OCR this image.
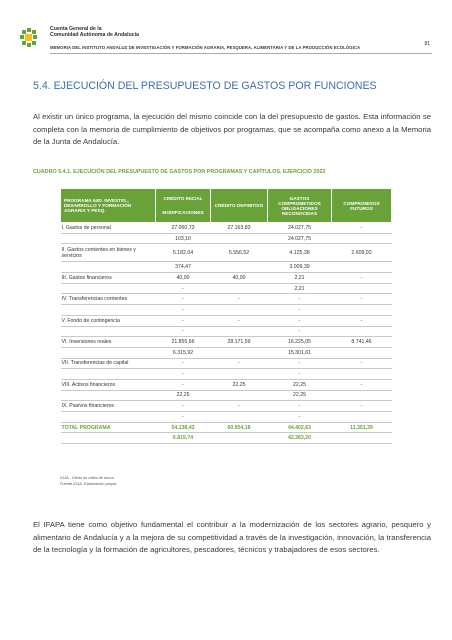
Cuenta General de la
Comunidad Autónoma de Andalucía
MEMORIA DEL INSTITUTO ANDALUZ DE INVESTIGACIÓN Y FORMACIÓN AGRARIA, PESQUERA, ALIMENTARIA Y DE LA PRODUCCIÓN ECOLÓGICA
81
5.4. EJECUCIÓN DEL PRESUPUESTO DE GASTOS POR FUNCIONES

Al existir un único programa, la ejecución del mismo coincide con la del presupuesto de gastos. Esta información se completa con la memoria de cumplimiento de objetivos por programas, que se acompaña como anexo a la Memoria de la Junta de Andalucía.

CUADRO 5.4.1. EJECUCIÓN DEL PRESUPUESTO DE GASTOS POR PROGRAMAS Y CAPÍTULOS. EJERCICIO 2022
PROGRAMA 54D. INVESTIG., DESARROLLO Y FORMACIÓN AGRARIA Y PESQ.	CRÉDITO INICIAL
MODIFICACIONES	CRÉDITO DEFINITIVO	GASTOS COMPROMETIDOS OBLIGACIONES RECONOCIDAS	COMPROMISOS FUTUROS
I. Gastos de personal	27.060,73	27.163,83	24.027,75	-
	103,10		24.027,75	
II. Gastos corrientes en bienes y servicios	5.182,04	5.556,52	4.125,38	2.609,92
	374,47		3.009,39	
III. Gastos financieros	40,00	40,00	2,21	-
	-		2,21	
IV. Transferencias corrientes	-	-	-	-
	-		-	
V. Fondo de contingencia	-	-	-	-
	-		-	
VI. Inversiones reales	21.855,66	28.171,59	16.225,05	8.741,46
	6.315,92		15.301,61	
VII. Transferencias de capital	-	-	-	-
	-		-	
VIII. Activos financieros	-	22,25	22,25	-
	22,25		22,25	
IX. Pasivos financieros	-	-	-	-
	-		-	
TOTAL PROGRAMA	54.138,43	60.954,18	44.402,63	11.351,39
	6.815,74		42.363,20	
IGJA : Cifras en miles de euros.
Fuente IGJA. Elaboración propia

El IFAPA tiene como objetivo fundamental el contribuir a la modernización de los sectores agrario, pesquero y alimentario de Andalucía y a la mejora de su competitividad a través de la investigación, innovación, la transferencia de la tecnología y la formación de agricultores, pescadores, técnicos y trabajadores de esos sectores.
